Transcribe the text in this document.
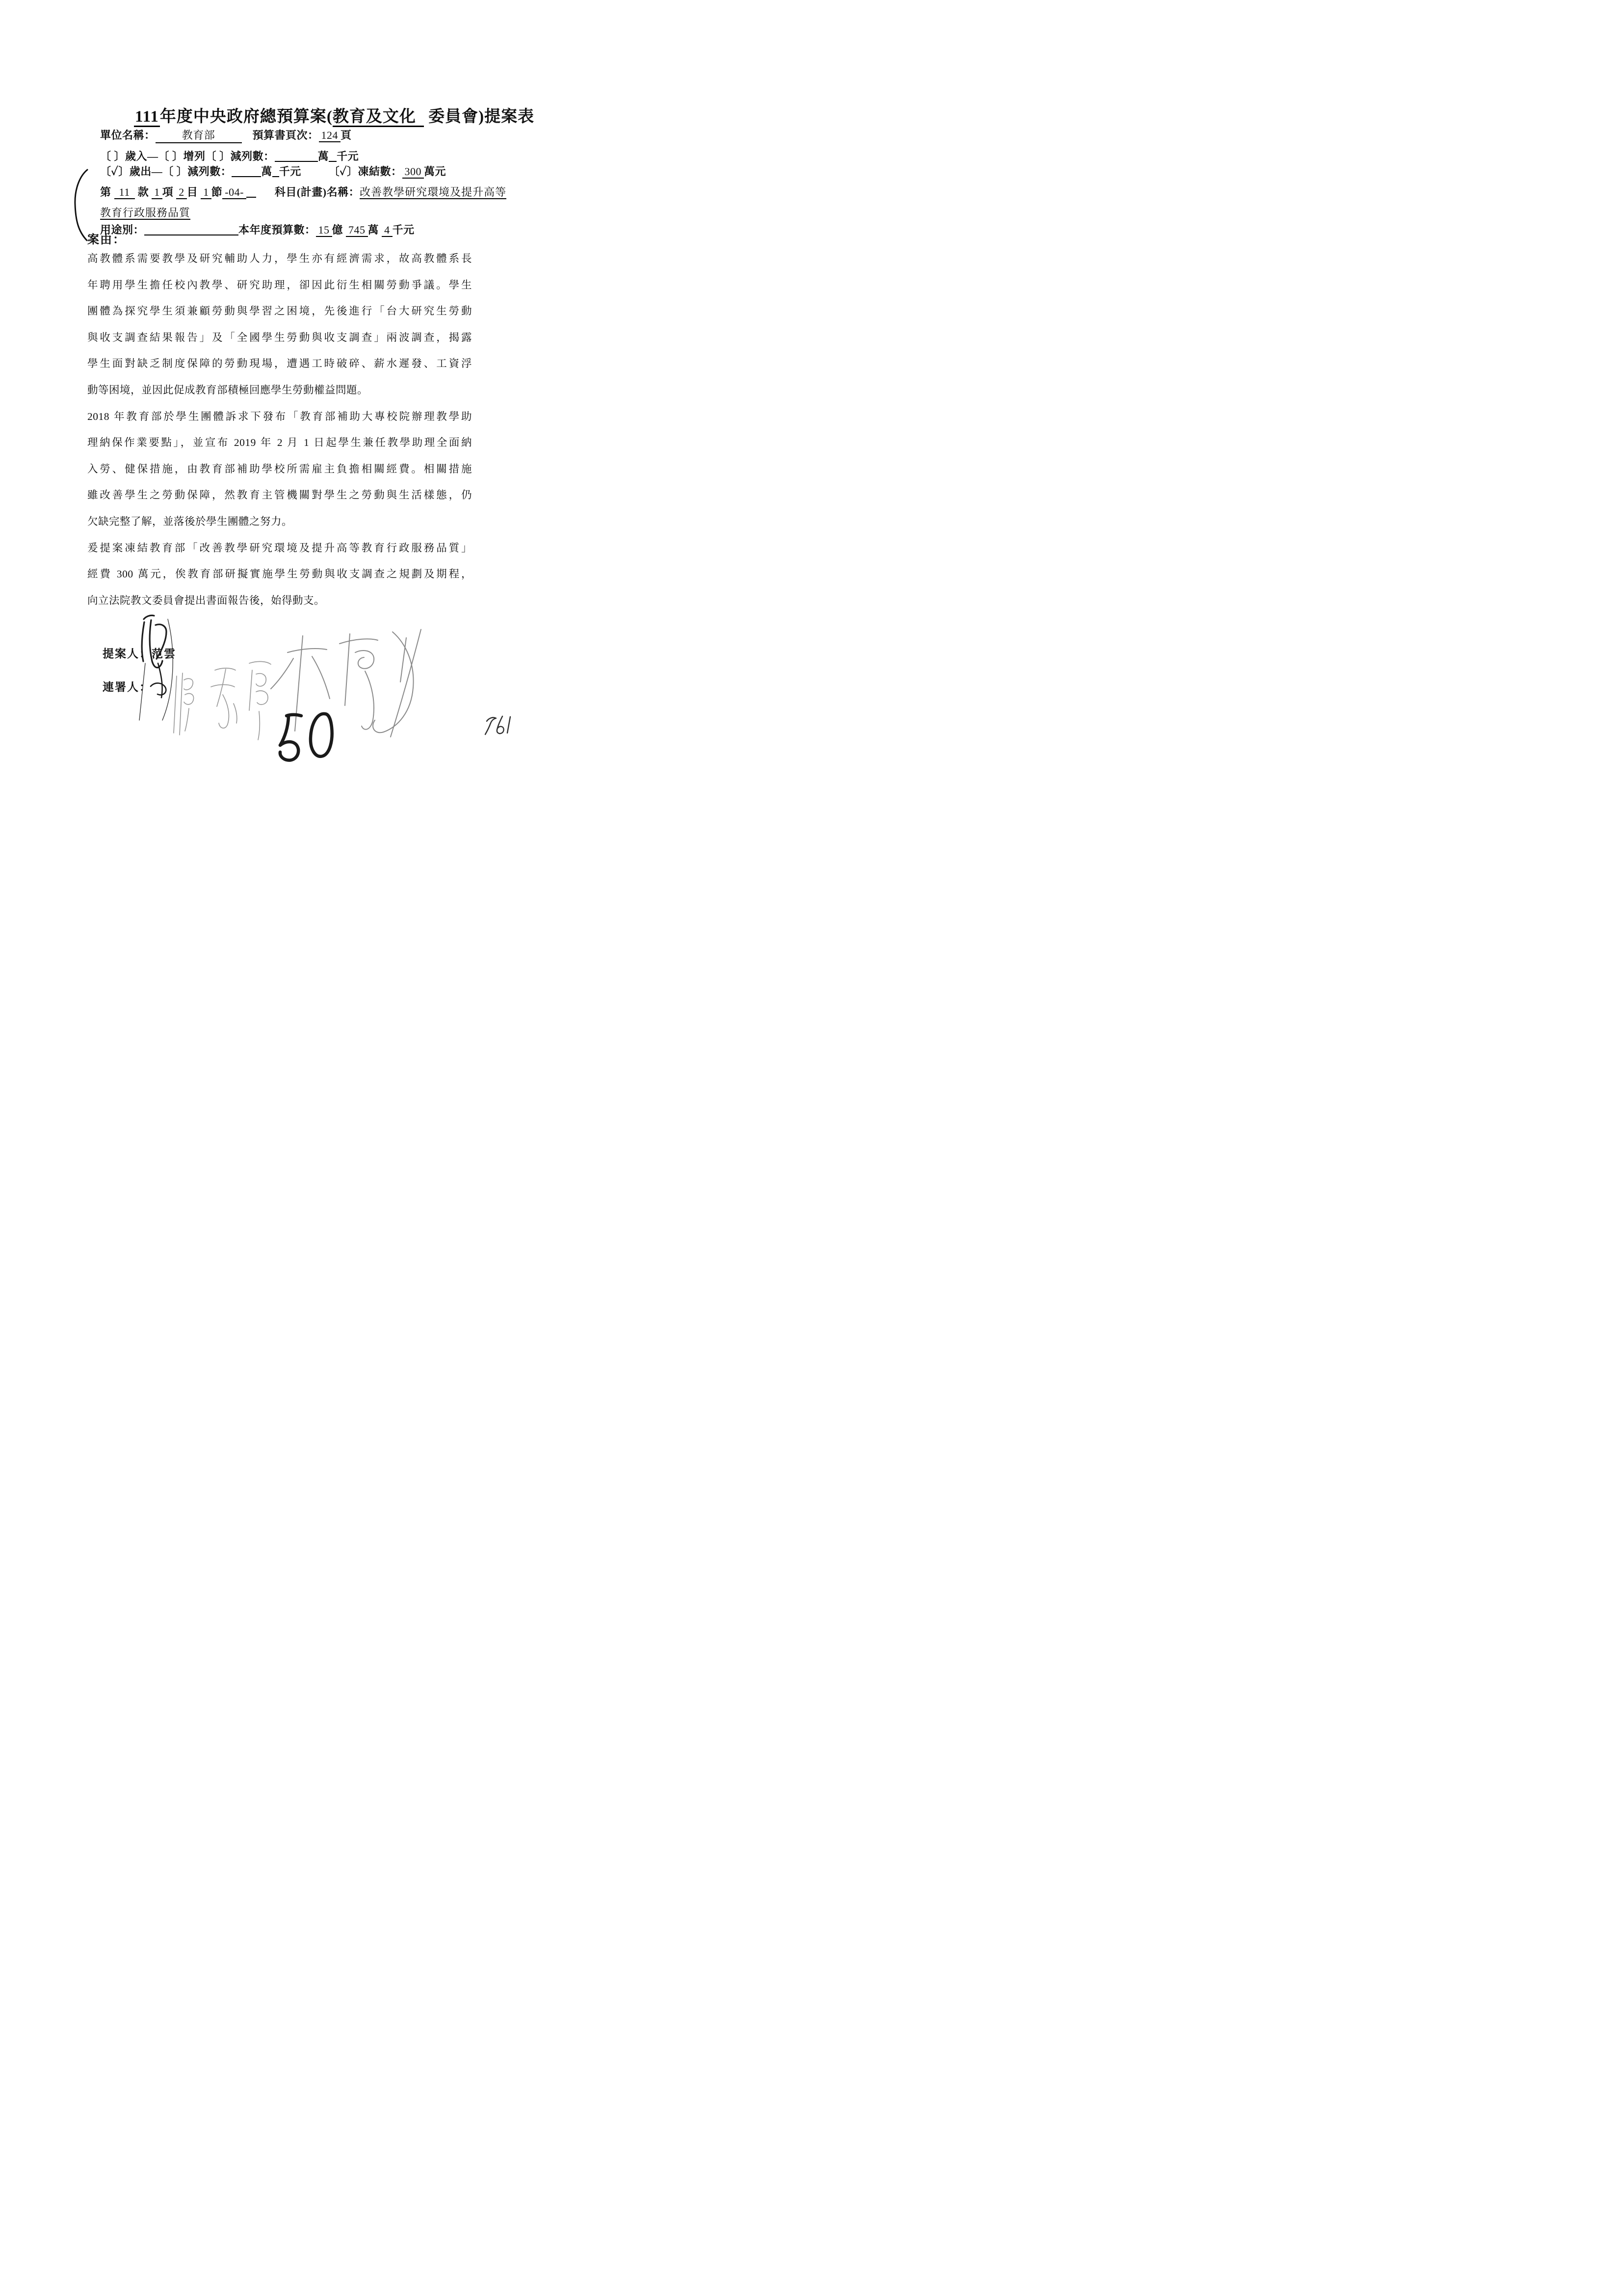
111年度中央政府總預算案(教育及文化 委員會)提案表

單位名稱： 教育部	預算書頁次： 124 頁

〔 〕歲入—〔 〕增列〔 〕減列數：	萬 千元

〔✓〕歲出—〔 〕減列數：	萬 千元	〔✓〕凍結數： 300 萬元

第 11 款 1 項 2 目 1 節 -04-	科目(計畫)名稱：改善教學研究環境及提升高等

教育行政服務品質

用途別：	本年度預算數： 15 億 745 萬 4 千元

案由：
高教體系需要教學及研究輔助人力，學生亦有經濟需求，故高教體系長
年聘用學生擔任校內教學、研究助理，卻因此衍生相關勞動爭議。學生
團體為探究學生須兼顧勞動與學習之困境，先後進行「台大研究生勞動
與收支調查結果報告」及「全國學生勞動與收支調查」兩波調查，揭露
學生面對缺乏制度保障的勞動現場，遭遇工時破碎、薪水遲發、工資浮
動等困境，並因此促成教育部積極回應學生勞動權益問題。
2018 年教育部於學生團體訴求下發布「教育部補助大專校院辦理教學助
理納保作業要點」，並宣布 2019 年 2 月 1 日起學生兼任教學助理全面納
入勞、健保措施，由教育部補助學校所需雇主負擔相關經費。相關措施
雖改善學生之勞動保障，然教育主管機關對學生之勞動與生活樣態，仍
欠缺完整了解，並落後於學生團體之努力。
爰提案凍結教育部「改善教學研究環境及提升高等教育行政服務品質」
經費 300 萬元，俟教育部研擬實施學生勞動與收支調查之規劃及期程，
向立法院教文委員會提出書面報告後，始得動支。

提案人：范雲

連署人：
